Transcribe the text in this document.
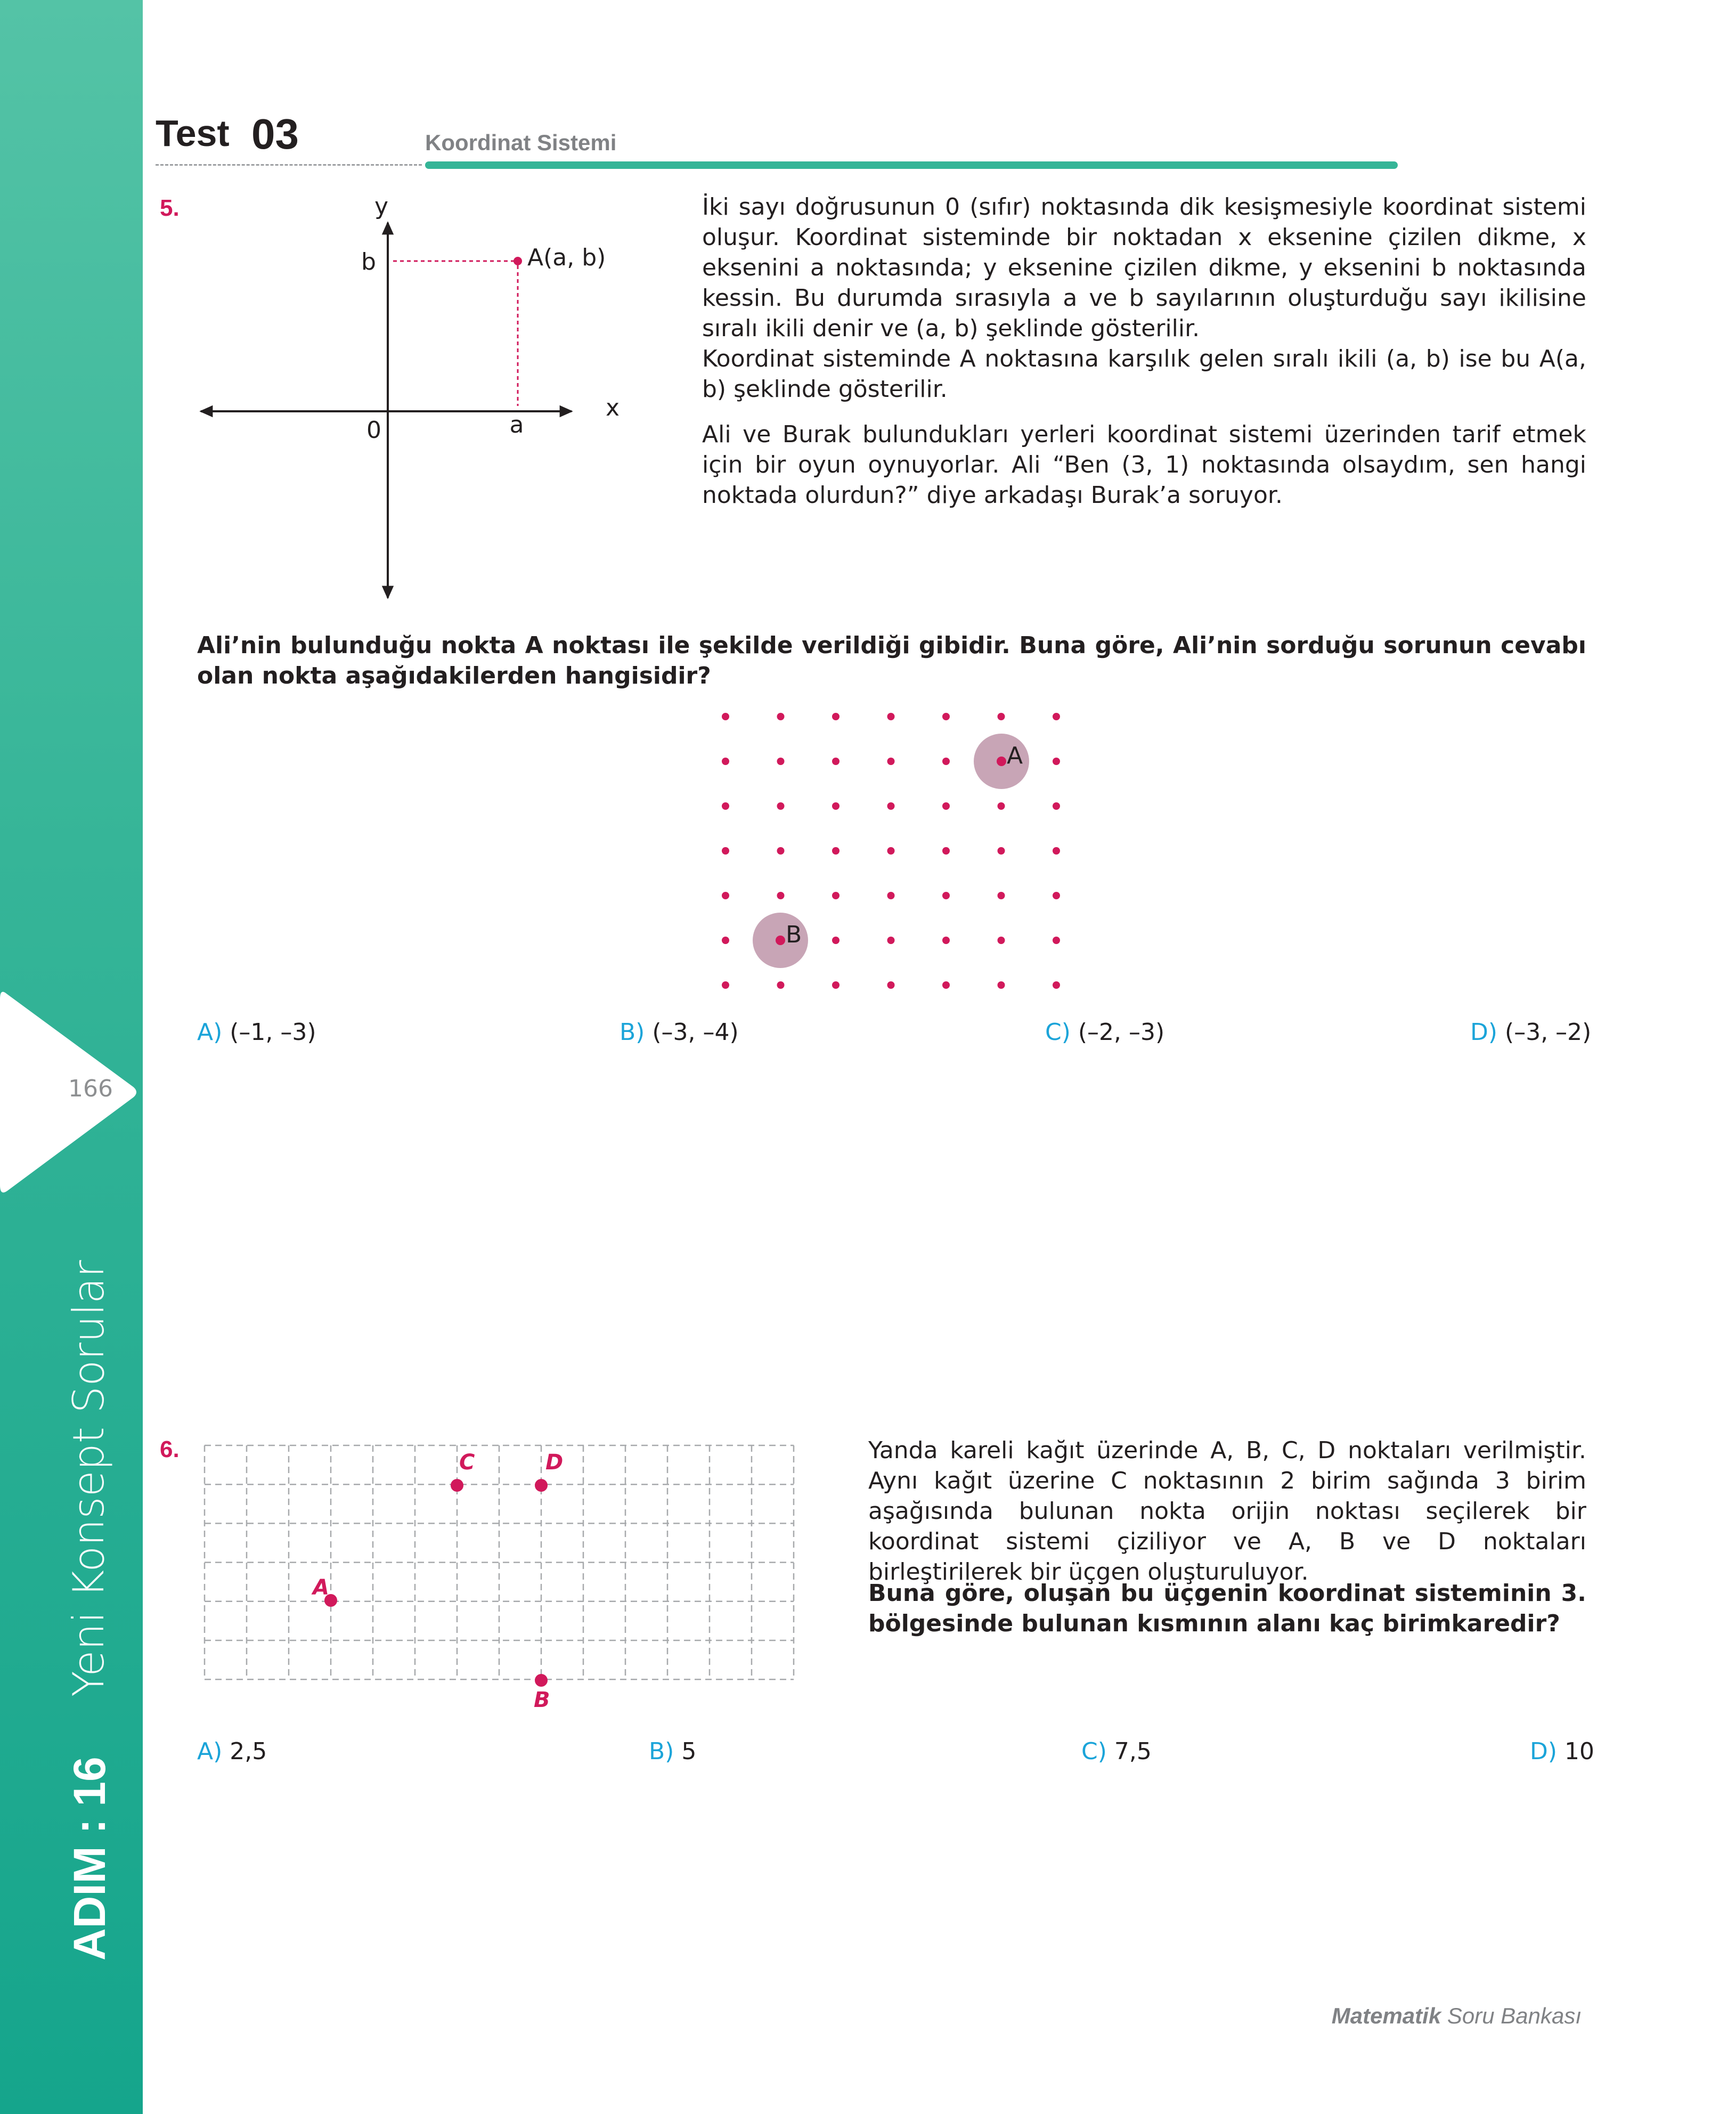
166
Yeni Konsept Sorular
ADIM : 16
Test 03	Koordinat Sistemi
5.	y
x
b
a
0
A(a, b)

İki sayı doğrusunun 0 (sıfır) noktasında dik kesişmesiyle koordinat sistemi oluşur. Koordinat sisteminde bir noktadan x eksenine çizilen dikme, x eksenini a noktasında; y eksenine çizilen dikme, y eksenini b noktasında kessin. Bu durumda sırasıyla a ve b sayılarının oluşturduğu sayı ikilisine sıralı ikili denir ve (a, b) şeklinde gösterilir.

Koordinat sisteminde A noktasına karşılık gelen sıralı ikili (a, b) ise bu A(a, b) şeklinde gösterilir.

Ali ve Burak bulundukları yerleri koordinat sistemi üzerinden tarif etmek için bir oyun oynuyorlar. Ali “Ben (3, 1) noktasında olsaydım, sen hangi noktada olurdun?” diye arkadaşı Burak’a soruyor.

Ali’nin bulunduğu nokta A noktası ile şekilde verildiği gibidir. Buna göre, Ali’nin sorduğu sorunun cevabı olan nokta aşağıdakilerden hangisidir?
A
B
A) (–1, –3)	B) (–3, –4)	C) (–2, –3)	D) (–3, –2)
6.
A
C	D
B

Yanda kareli kağıt üzerinde A, B, C, D noktaları verilmiştir. Aynı kağıt üzerine C noktasının 2 birim sağında 3 birim aşağısında bulunan nokta orijin noktası seçilerek bir koordinat sistemi çiziliyor ve A, B ve D noktaları birleştirilerek bir üçgen oluşturuluyor.

Buna göre, oluşan bu üçgenin koordinat sisteminin 3. bölgesinde bulunan kısmının alanı kaç birimkaredir?
A) 2,5	B) 5	C) 7,5	D) 10
Matematik Soru Bankası
